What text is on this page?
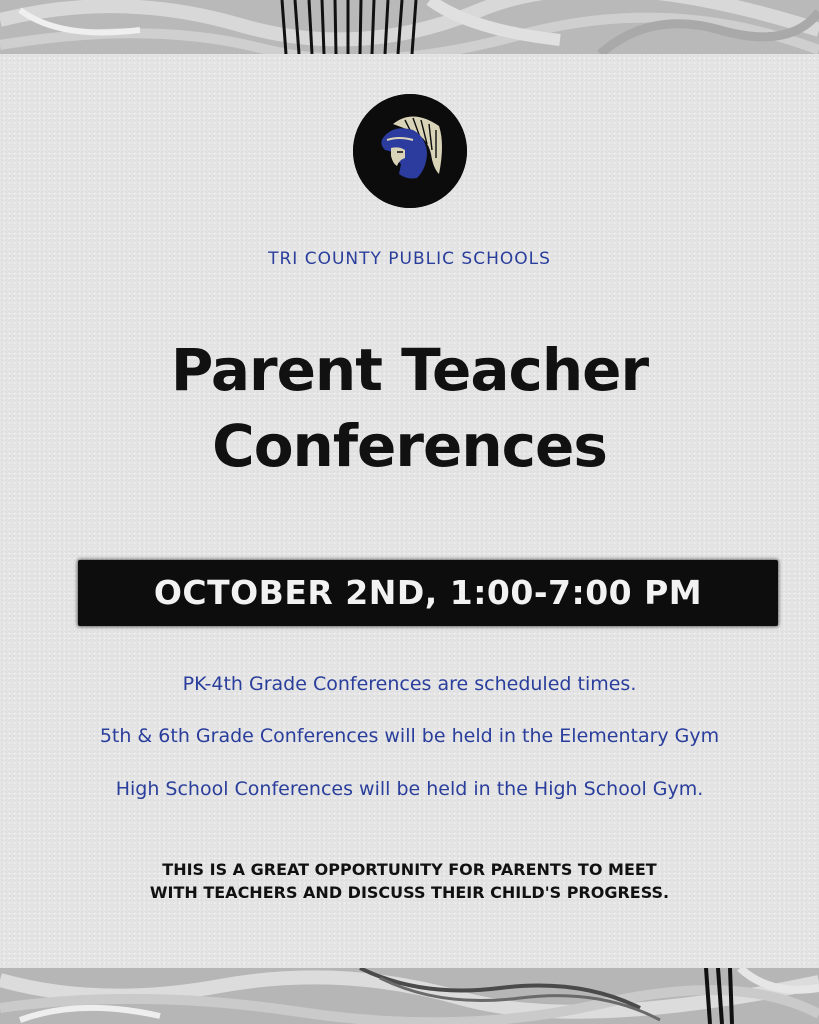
TRI COUNTY PUBLIC SCHOOLS
Parent Teacher
Conferences
OCTOBER 2ND, 1:00-7:00 PM
PK-4th Grade Conferences are scheduled times.
5th & 6th Grade Conferences will be held in the Elementary Gym
High School Conferences will be held in the High School Gym.
THIS IS A GREAT OPPORTUNITY FOR PARENTS TO MEET
WITH TEACHERS AND DISCUSS THEIR CHILD'S PROGRESS.
